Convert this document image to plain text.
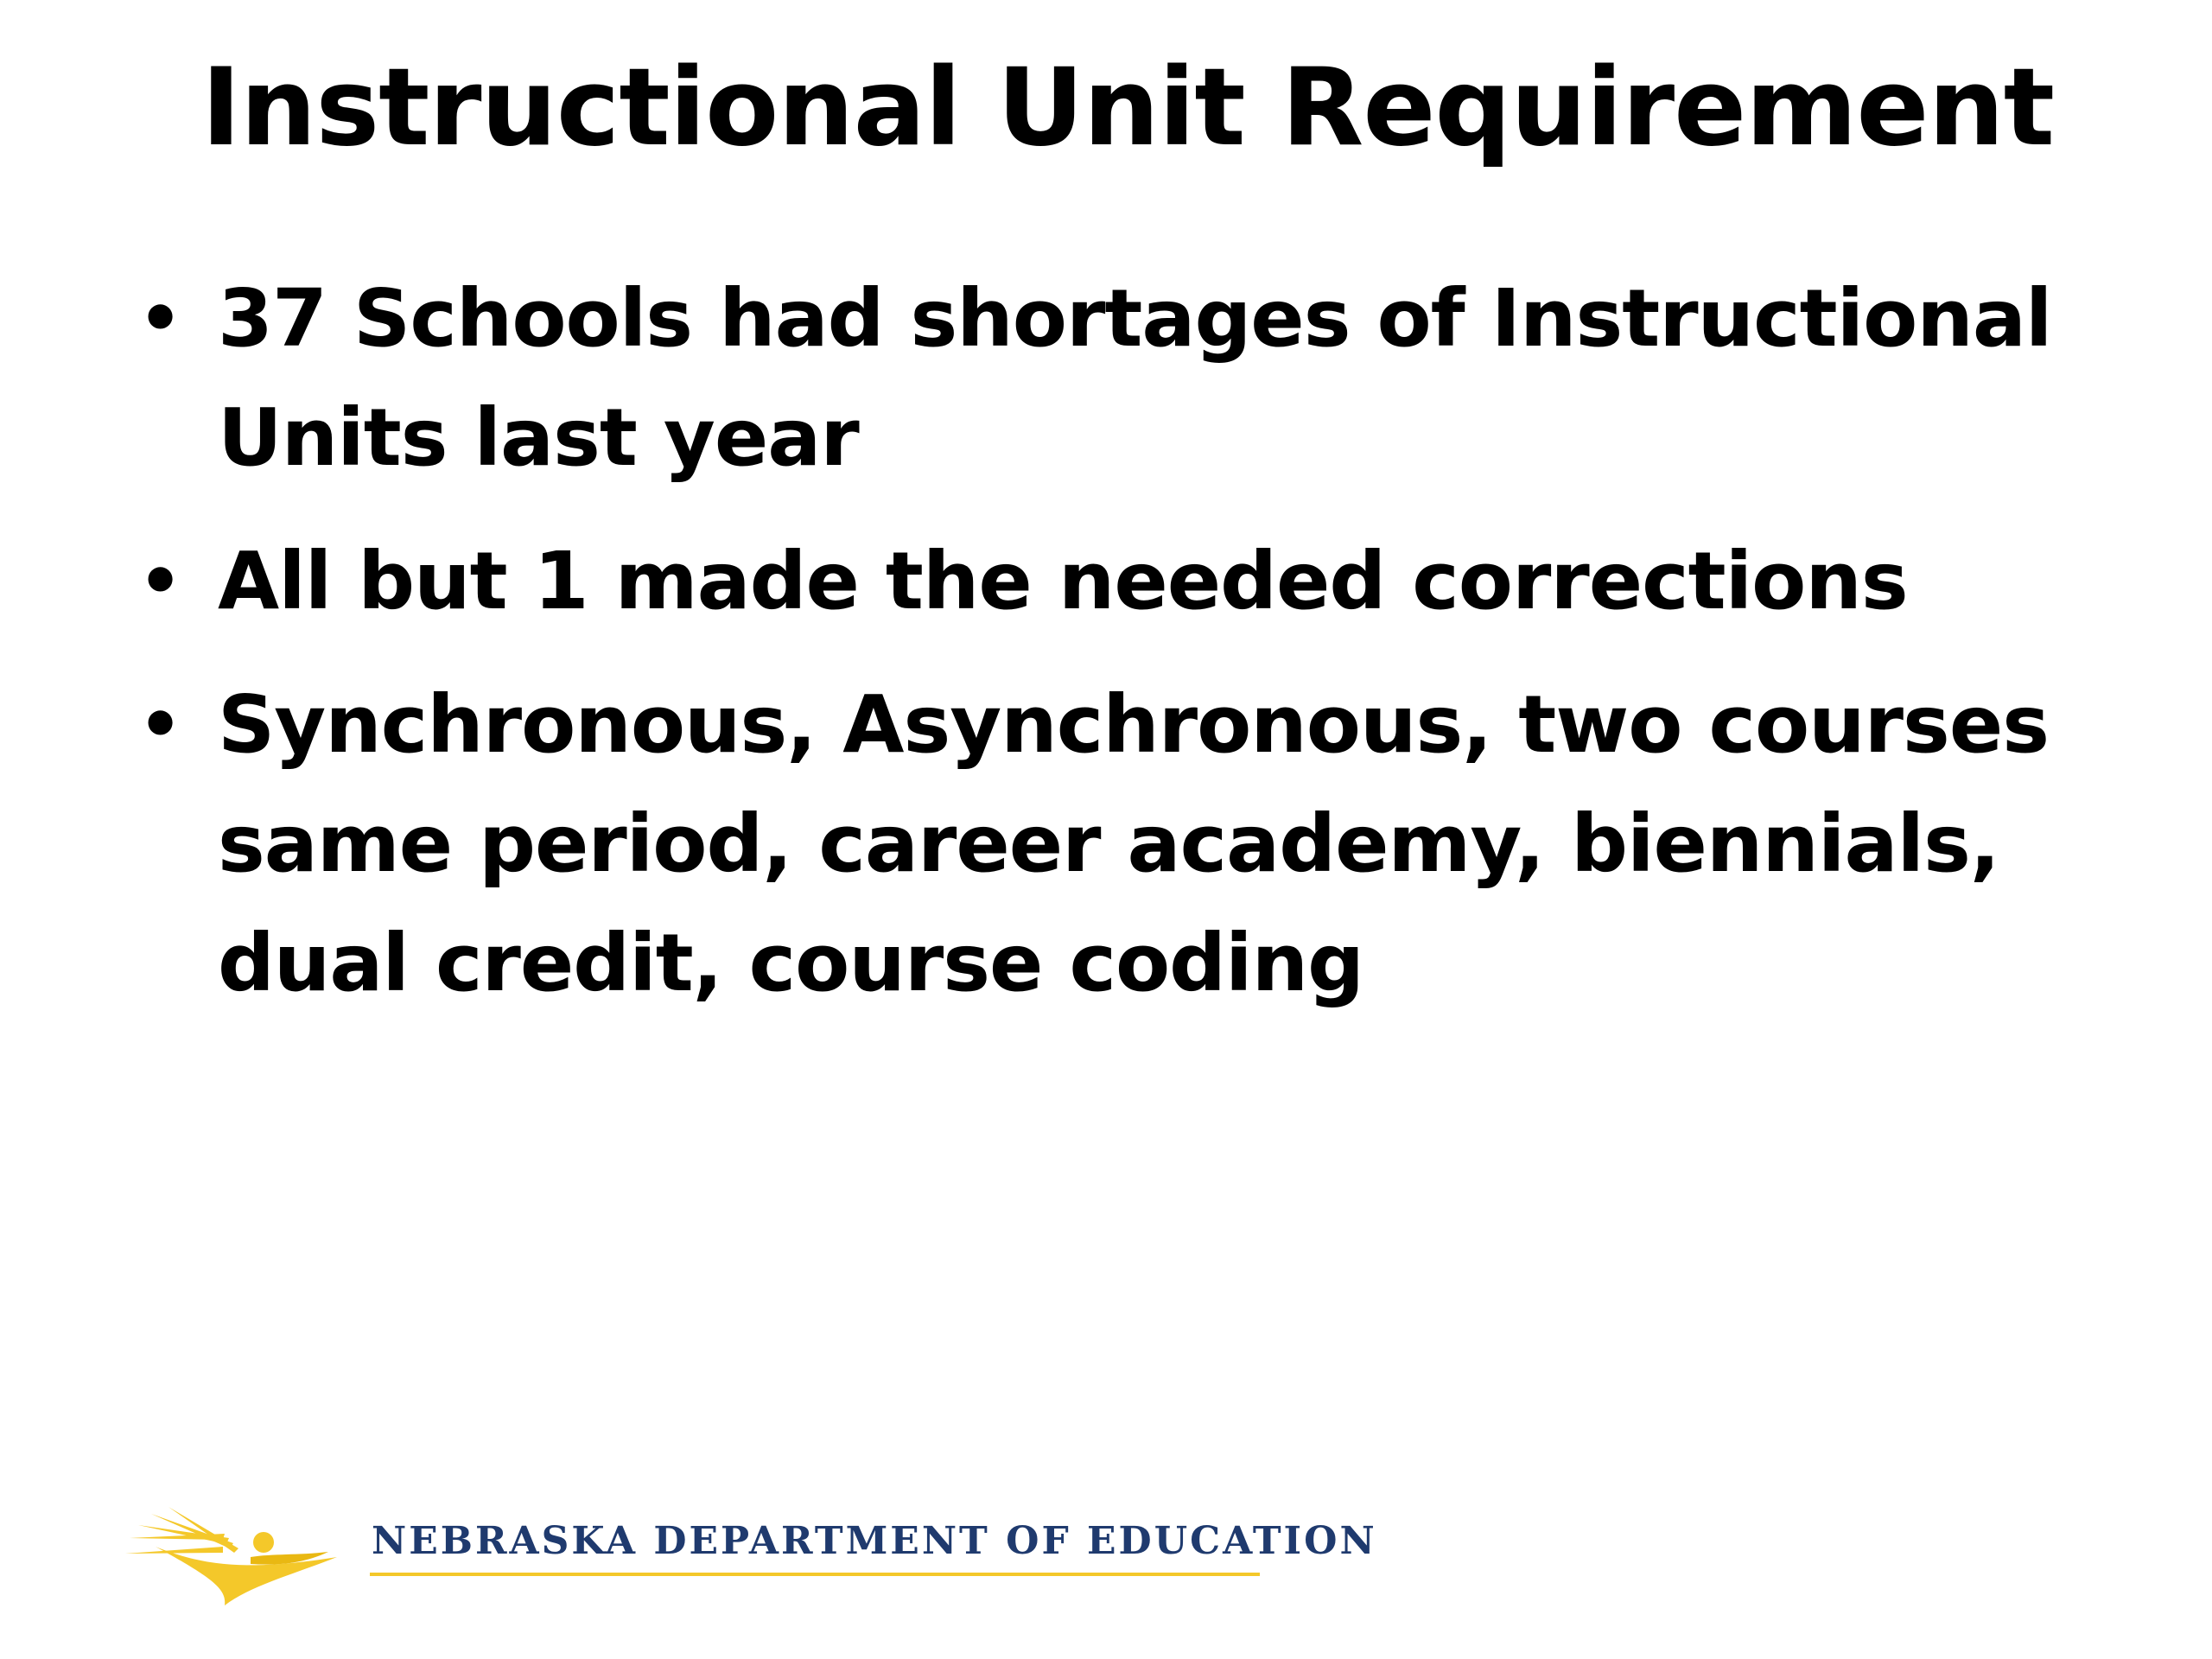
Instructional Unit Requirement
• 37 Schools had shortages of Instructional Units last year
• All but 1 made the needed corrections
• Synchronous, Asynchronous, two courses same period, career academy, biennials, dual credit, course coding
NEBRASKA DEPARTMENT OF EDUCATION
